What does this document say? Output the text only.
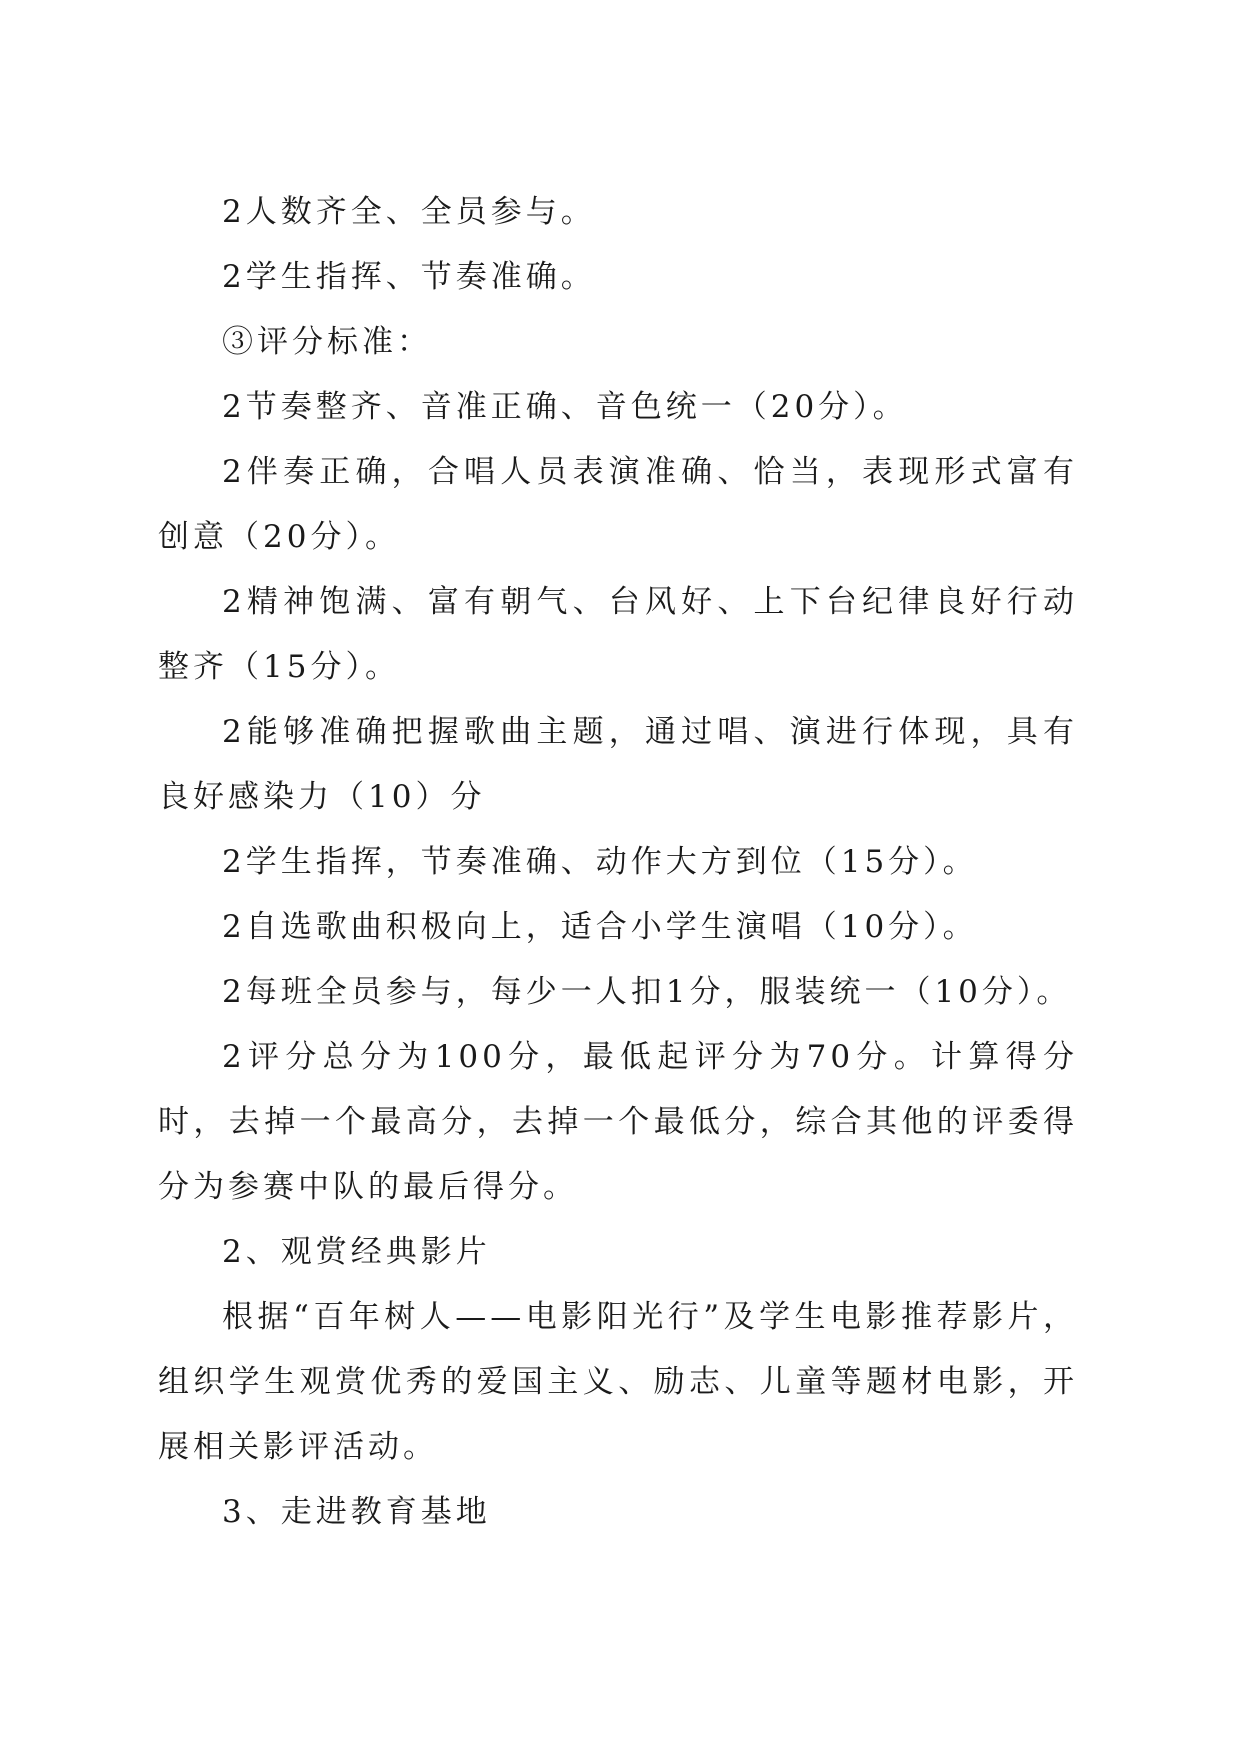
2人数齐全、全员参与。

2学生指挥、节奏准确。

③评分标准：

2节奏整齐、音准正确、音色统一（20分）。

2伴奏正确，合唱人员表演准确、恰当，表现形式富有创意（20分）。

2精神饱满、富有朝气、台风好、上下台纪律良好行动整齐（15分）。

2能够准确把握歌曲主题，通过唱、演进行体现，具有良好感染力（10）分

2学生指挥，节奏准确、动作大方到位（15分）。

2自选歌曲积极向上，适合小学生演唱（10分）。

2每班全员参与，每少一人扣1分，服装统一（10分）。

2评分总分为100分，最低起评分为70分。计算得分时，去掉一个最高分，去掉一个最低分，综合其他的评委得分为参赛中队的最后得分。

2、观赏经典影片

根据“百年树人——电影阳光行”及学生电影推荐影片，组织学生观赏优秀的爱国主义、励志、儿童等题材电影，开展相关影评活动。

3、走进教育基地
